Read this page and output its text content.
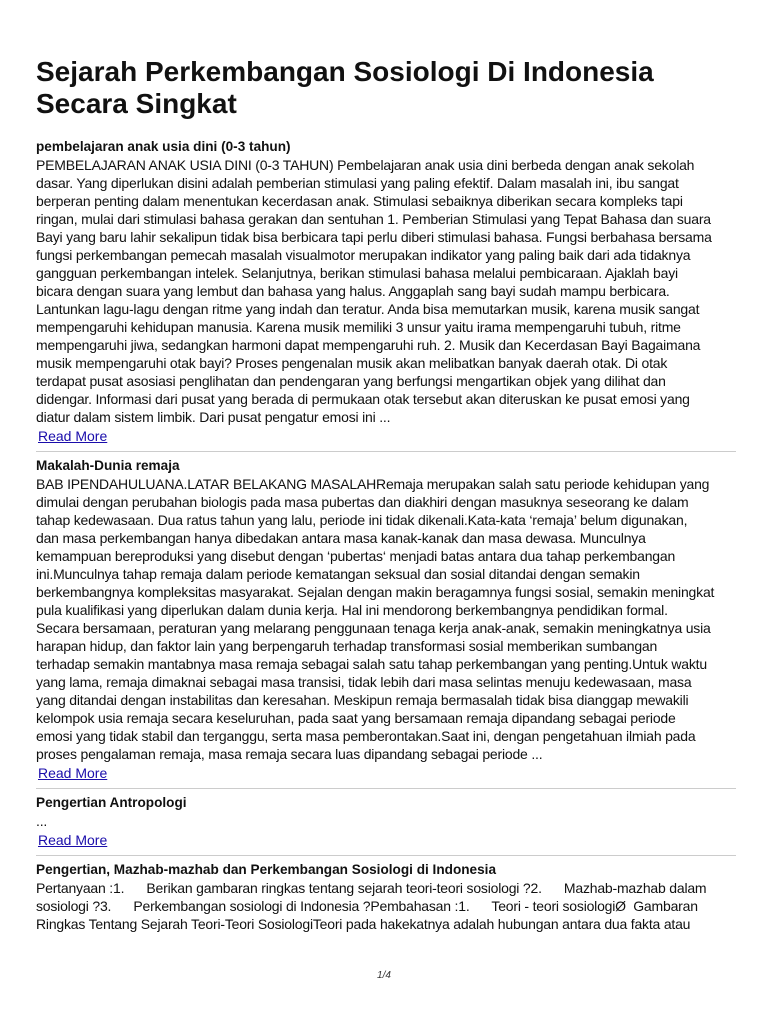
Sejarah Perkembangan Sosiologi Di Indonesia
Secara Singkat
pembelajaran anak usia dini (0-3 tahun)
PEMBELAJARAN ANAK USIA DINI (0-3 TAHUN) Pembelajaran anak usia dini berbeda dengan anak sekolah
dasar. Yang diperlukan disini adalah pemberian stimulasi yang paling efektif. Dalam masalah ini, ibu sangat
berperan penting dalam menentukan kecerdasan anak. Stimulasi sebaiknya diberikan secara kompleks tapi
ringan, mulai dari stimulasi bahasa gerakan dan sentuhan 1. Pemberian Stimulasi yang Tepat Bahasa dan suara
Bayi yang baru lahir sekalipun tidak bisa berbicara tapi perlu diberi stimulasi bahasa. Fungsi berbahasa bersama
fungsi perkembangan pemecah masalah visualmotor merupakan indikator yang paling baik dari ada tidaknya
gangguan perkembangan intelek. Selanjutnya, berikan stimulasi bahasa melalui pembicaraan. Ajaklah bayi
bicara dengan suara yang lembut dan bahasa yang halus. Anggaplah sang bayi sudah mampu berbicara.
Lantunkan lagu-lagu dengan ritme yang indah dan teratur. Anda bisa memutarkan musik, karena musik sangat
mempengaruhi kehidupan manusia. Karena musik memiliki 3 unsur yaitu irama mempengaruhi tubuh, ritme
mempengaruhi jiwa, sedangkan harmoni dapat mempengaruhi ruh. 2. Musik dan Kecerdasan Bayi Bagaimana
musik mempengaruhi otak bayi? Proses pengenalan musik akan melibatkan banyak daerah otak. Di otak
terdapat pusat asosiasi penglihatan dan pendengaran yang berfungsi mengartikan objek yang dilihat dan
didengar. Informasi dari pusat yang berada di permukaan otak tersebut akan diteruskan ke pusat emosi yang
diatur dalam sistem limbik. Dari pusat pengatur emosi ini ...
Read More
Makalah-Dunia remaja
BAB IPENDAHULUANA.LATAR BELAKANG MASALAHRemaja merupakan salah satu periode kehidupan yang
dimulai dengan perubahan biologis pada masa pubertas dan diakhiri dengan masuknya seseorang ke dalam
tahap kedewasaan. Dua ratus tahun yang lalu, periode ini tidak dikenali.Kata-kata ‘remaja’ belum digunakan,
dan masa perkembangan hanya dibedakan antara masa kanak-kanak dan masa dewasa. Munculnya
kemampuan bereproduksi yang disebut dengan ‘pubertas‘ menjadi batas antara dua tahap perkembangan
ini.Munculnya tahap remaja dalam periode kematangan seksual dan sosial ditandai dengan semakin
berkembangnya kompleksitas masyarakat. Sejalan dengan makin beragamnya fungsi sosial, semakin meningkat
pula kualifikasi yang diperlukan dalam dunia kerja. Hal ini mendorong berkembangnya pendidikan formal.
Secara bersamaan, peraturan yang melarang penggunaan tenaga kerja anak-anak, semakin meningkatnya usia
harapan hidup, dan faktor lain yang berpengaruh terhadap transformasi sosial memberikan sumbangan
terhadap semakin mantabnya masa remaja sebagai salah satu tahap perkembangan yang penting.Untuk waktu
yang lama, remaja dimaknai sebagai masa transisi, tidak lebih dari masa selintas menuju kedewasaan, masa
yang ditandai dengan instabilitas dan keresahan. Meskipun remaja bermasalah tidak bisa dianggap mewakili
kelompok usia remaja secara keseluruhan, pada saat yang bersamaan remaja dipandang sebagai periode
emosi yang tidak stabil dan terganggu, serta masa pemberontakan.Saat ini, dengan pengetahuan ilmiah pada
proses pengalaman remaja, masa remaja secara luas dipandang sebagai periode ...
Read More
Pengertian Antropologi
...
Read More
Pengertian, Mazhab-mazhab dan Perkembangan Sosiologi di Indonesia
Pertanyaan :1.      Berikan gambaran ringkas tentang sejarah teori-teori sosiologi ?2.      Mazhab-mazhab dalam
sosiologi ?3.      Perkembangan sosiologi di Indonesia ?Pembahasan :1.      Teori - teori sosiologiØ  Gambaran
Ringkas Tentang Sejarah Teori-Teori SosiologiTeori pada hakekatnya adalah hubungan antara dua fakta atau
1/4
